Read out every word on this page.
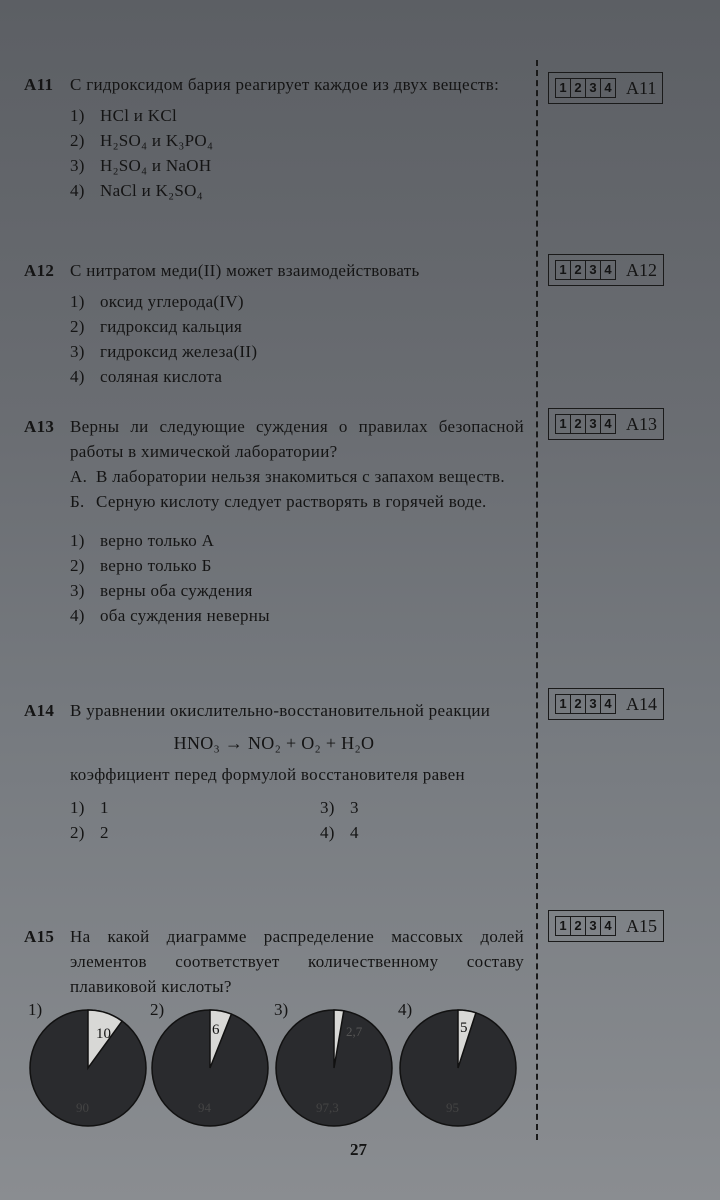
A11 С гидроксидом бария реагирует каждое из двух веществ:
1) HCl и KCl
2) H₂SO₄ и K₃PO₄
3) H₂SO₄ и NaOH
4) NaCl и K₂SO₄
A12 С нитратом меди(II) может взаимодействовать
1) оксид углерода(IV)
2) гидроксид кальция
3) гидроксид железа(II)
4) соляная кислота
A13 Верны ли следующие суждения о правилах безопасной работы в химической лаборатории?
А. В лаборатории нельзя знакомиться с запахом веществ.
Б. Серную кислоту следует растворять в горячей воде.
1) верно только А
2) верно только Б
3) верны оба суждения
4) оба суждения неверны
A14 В уравнении окислительно-восстановительной реакции
HNO₃ → NO₂ + O₂ + H₂O
коэффициент перед формулой восстановителя равен
1) 1	3) 3
2) 2	4) 4
A15 На какой диаграмме распределение массовых долей элементов соответствует количественному составу плавиковой кислоты?
1)
10
90
2)
6
94
3)
2,7
97,3
4)
5
95
1 2 3 4 A11
1 2 3 4 A12
1 2 3 4 A13
1 2 3 4 A14
1 2 3 4 A15
27
